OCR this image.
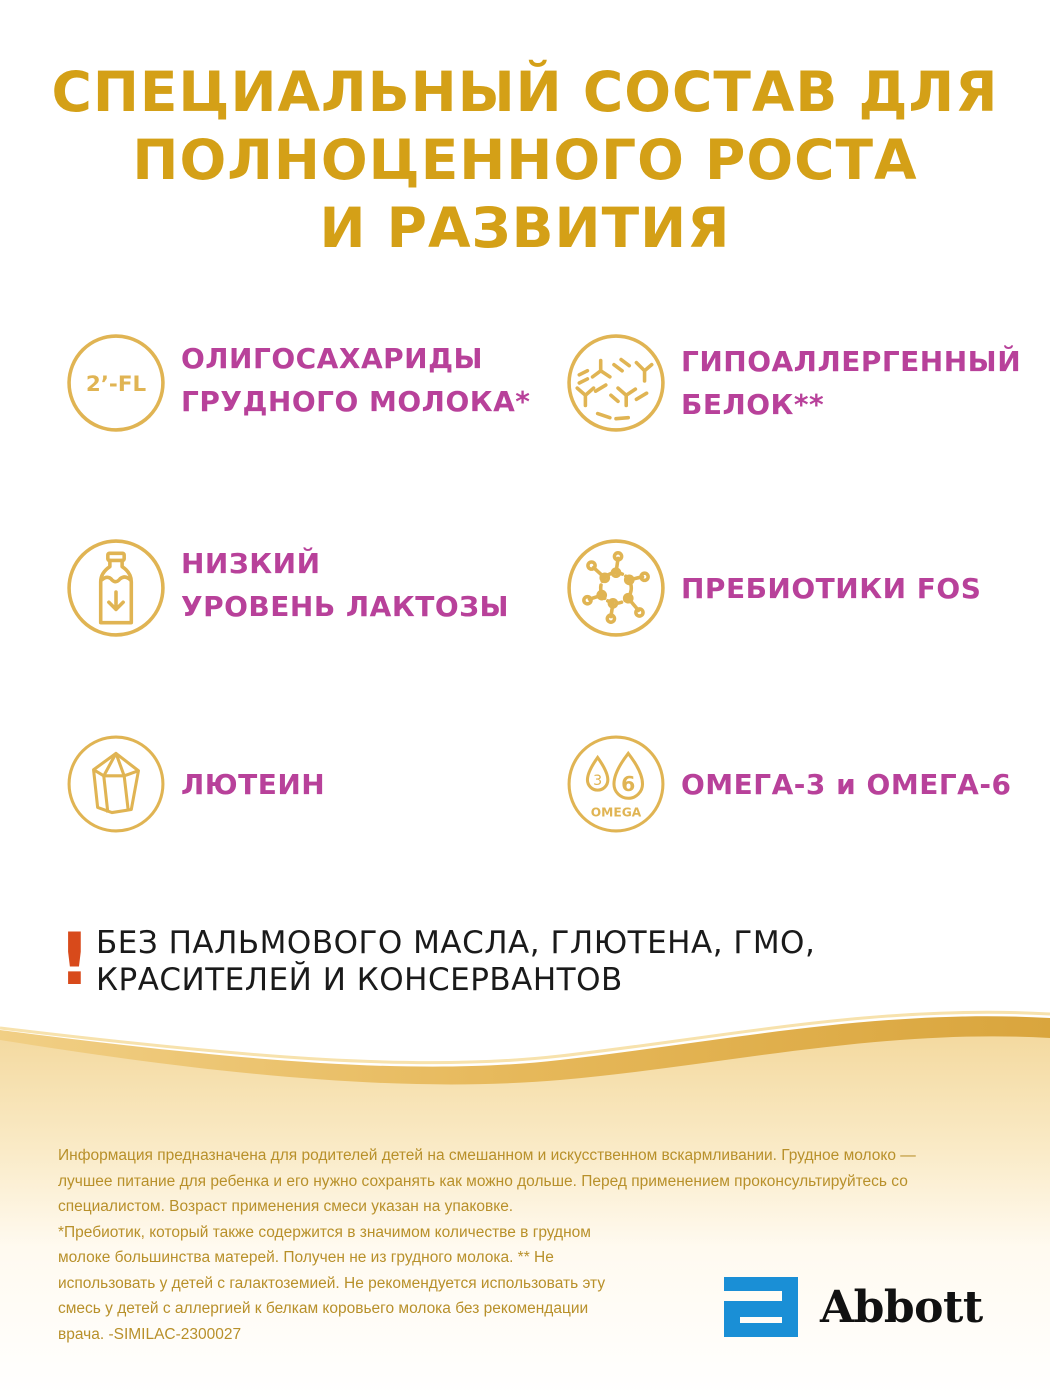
СПЕЦИАЛЬНЫЙ СОСТАВ ДЛЯ
ПОЛНОЦЕННОГО РОСТА
И РАЗВИТИЯ
2’-FL
ОЛИГОСАХАРИДЫ
ГРУДНОГО МОЛОКА*
ГИПОАЛЛЕРГЕННЫЙ
БЕЛОК**
НИЗКИЙ
УРОВЕНЬ ЛАКТОЗЫ
ПРЕБИОТИКИ FOS
ЛЮТЕИН	3 6
OMEGA
ОМЕГА-3 и ОМЕГА-6
! БЕЗ ПАЛЬМОВОГО МАСЛА, ГЛЮТЕНА, ГМО,
КРАСИТЕЛЕЙ И КОНСЕРВАНТОВ
Информация предназначена для родителей детей на смешанном и искусственном вскармливании. Грудное молоко —
лучшее питание для ребенка и его нужно сохранять как можно дольше. Перед применением проконсультируйтесь со
специалистом. Возраст применения смеси указан на упаковке.
*Пребиотик, который также содержится в значимом количестве в грудном
молоке большинства матерей. Получен не из грудного молока. ** Не
использовать у детей с галактоземией. Не рекомендуется использовать эту
смесь у детей с аллергией к белкам коровьего молока без рекомендации
врача. -SIMILAC-2300027
Abbott
